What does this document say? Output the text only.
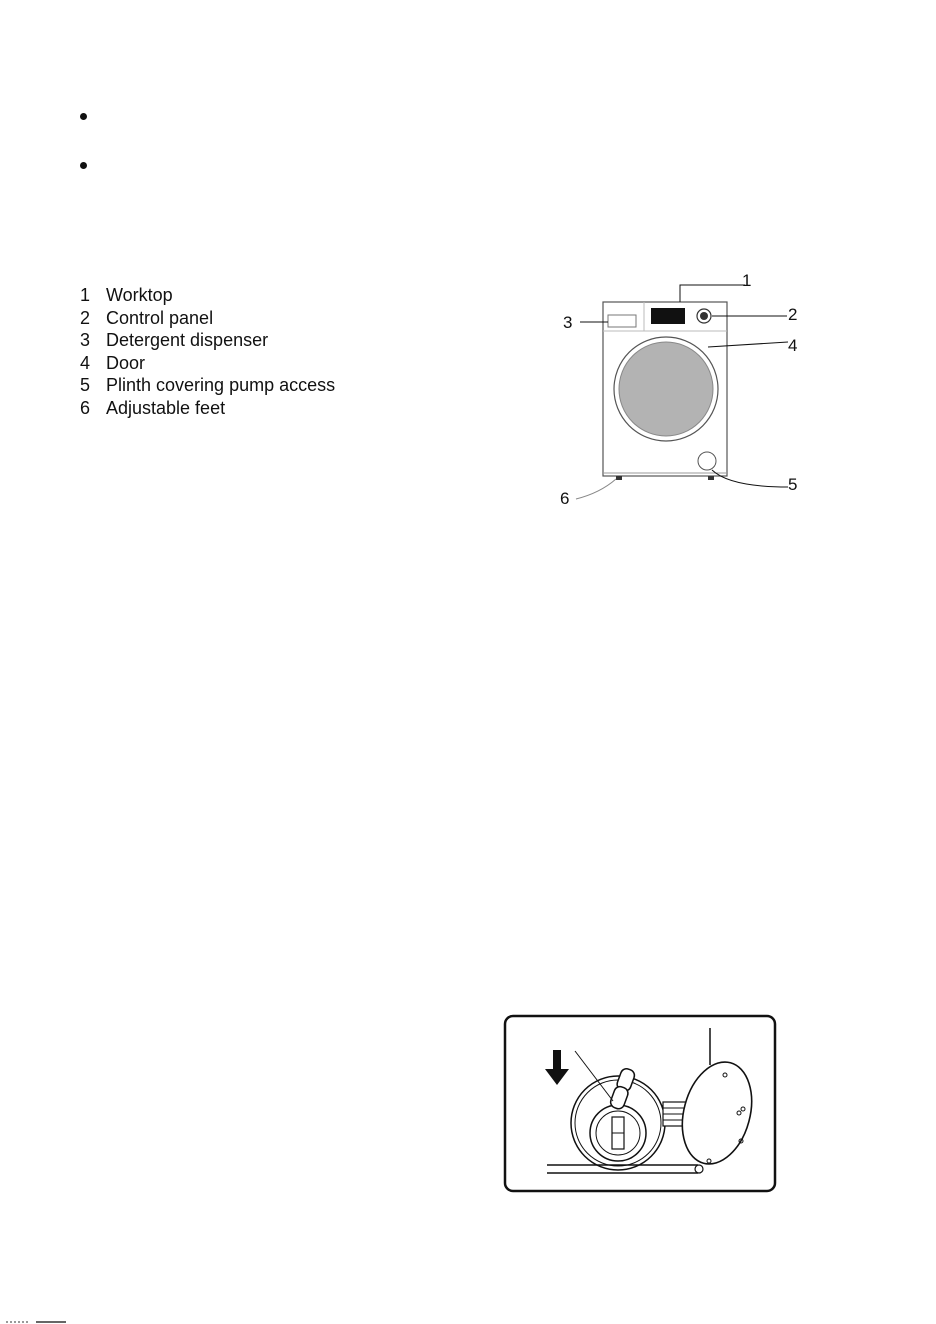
1 Worktop
2 Control panel
3 Detergent dispenser
4 Door
5 Plinth covering pump access
6 Adjustable feet
1
2
3
4
5
6
